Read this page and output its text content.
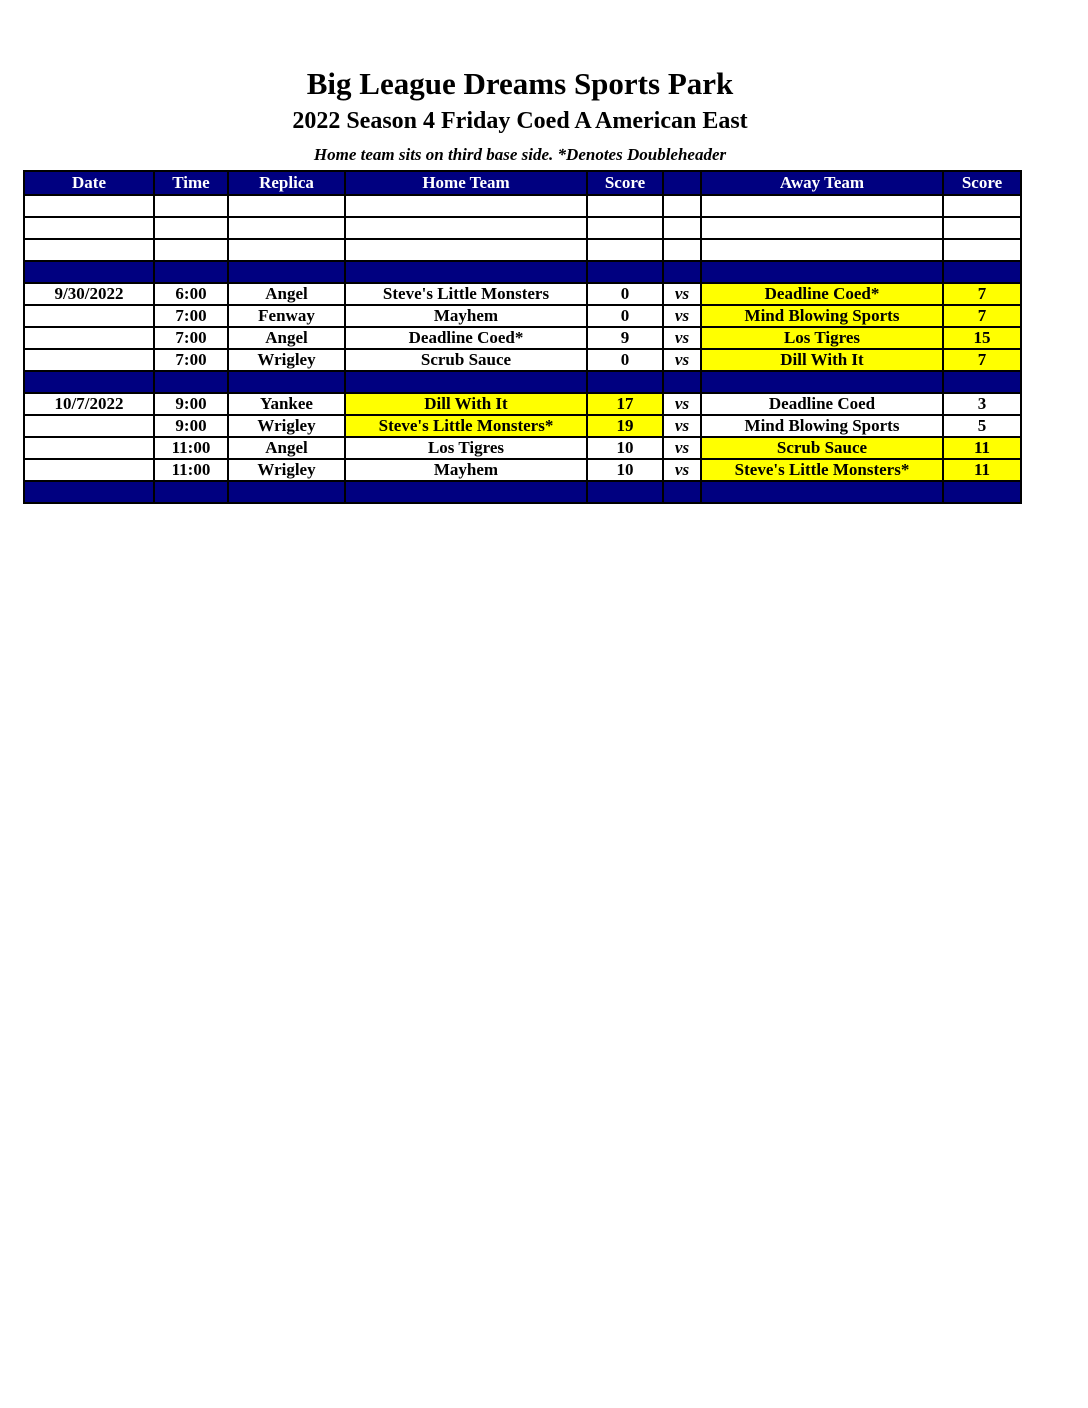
Big League Dreams Sports Park
2022 Season 4 Friday Coed A American East
Home team sits on third base side. *Denotes Doubleheader
Date	Time	Replica	Home Team	Score		Away Team	Score

9/30/2022	6:00	Angel	Steve's Little Monsters	0	vs	Deadline Coed*	7
	7:00	Fenway	Mayhem	0	vs	Mind Blowing Sports	7
	7:00	Angel	Deadline Coed*	9	vs	Los Tigres	15
	7:00	Wrigley	Scrub Sauce	0	vs	Dill With It	7

10/7/2022	9:00	Yankee	Dill With It	17	vs	Deadline Coed	3
	9:00	Wrigley	Steve's Little Monsters*	19	vs	Mind Blowing Sports	5
	11:00	Angel	Los Tigres	10	vs	Scrub Sauce	11
	11:00	Wrigley	Mayhem	10	vs	Steve's Little Monsters*	11
